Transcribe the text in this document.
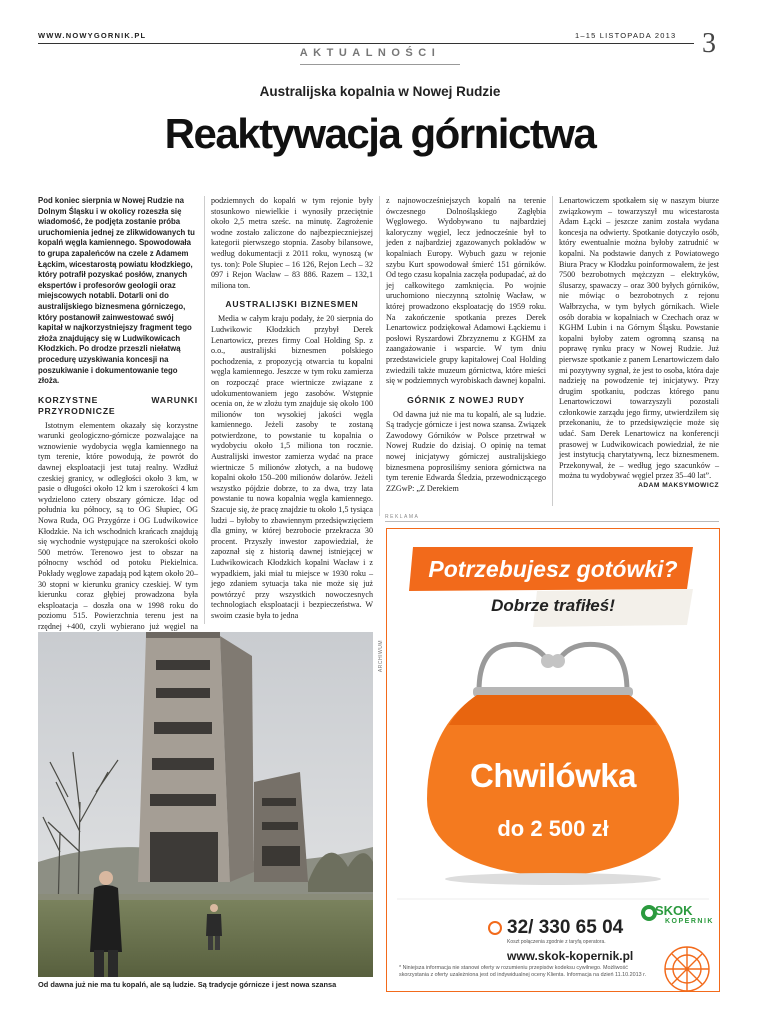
WWW.NOWYGORNIK.PL	1–15 LISTOPADA 2013 3
AKTUALNOŚCI
Australijska kopalnia w Nowej Rudzie
Reaktywacja górnictwa
Pod koniec sierpnia w Nowej Rudzie na Dolnym Śląsku i w okolicy rozeszła się wiadomość, że podjęta zostanie próba uruchomienia jednej ze zlikwidowanych tu kopalń węgla kamiennego. Spowodowała to grupa zapaleńców na czele z Adamem Łąckim, wicestarostą powiatu kłodzkiego, który potrafił pozyskać posłów, znanych ekspertów i profesorów geologii oraz miejscowych notabli. Dotarli oni do australijskiego biznesmena górniczego, który postanowił zainwestować swój kapitał w najkorzystniejszy fragment tego złoża znajdujący się w Ludwikowicach Kłodzkich. Po drodze przeszli niełatwą procedurę uzyskiwania koncesji na poszukiwanie i dokumentowanie tego złoża.
KORZYSTNE WARUNKI PRZYRODNICZE

Istotnym elementem okazały się korzystne warunki geologiczno-górnicze pozwalające na wznowienie wydobycia węgla kamiennego na tym terenie, które powodują, że powrót do dawnej eksploatacji jest tutaj realny. Wzdłuż czeskiej granicy, w odległości około 3 km, w pasie o długości około 12 km i szerokości 4 km wydzielono cztery obszary górnicze. Idąc od południa ku północy, są to OG Słupiec, OG Nowa Ruda, OG Przygórze i OG Ludwikowice Kłodzkie. Na ich wschodnich krańcach znajdują się wychodnie występujące na szerokości około 500 metrów. Terenowo jest to obszar na północny wschód od potoku Piekielnica. Pokłady węglowe zapadają pod kątem około 20–30 stopni w kierunku granicy czeskiej. W tym kierunku coraz głębiej prowadzona była eksploatacja – doszła ona w 1998 roku do poziomu 515. Powierzchnia terenu jest na rzędnej +400, czyli wybierano już węgiel na

podziemnych do kopalń w tym rejonie były stosunkowo niewielkie i wynosiły przeciętnie około 2,5 metra sześc. na minutę. Zagrożenie wodne zostało zaliczone do najbezpieczniejszej kategorii pierwszego stopnia. Zasoby bilansowe, według dokumentacji z 2011 roku, wynoszą (w tys. ton): Pole Słupiec – 16 126, Rejon Lech – 32 097 i Rejon Wacław – 83 886. Razem – 132,1 miliona ton.

AUSTRALIJSKI BIZNESMEN

Media w całym kraju podały, że 20 sierpnia do Ludwikowic Kłodzkich przybył Derek Lenartowicz, prezes firmy Coal Holding Sp. z o.o., australijski biznesmen polskiego pochodzenia, z propozycją otwarcia tu kopalni węgla kamiennego. Jeszcze w tym roku zamierza on rozpocząć prace wiertnicze związane z udokumentowaniem jego zasobów. Wstępnie ocenia on, że w złożu tym znajduje się około 100 milionów ton wysokiej jakości węgla kamiennego. Jeżeli zasoby te zostaną potwierdzone, to powstanie tu kopalnia o wydobyciu około 1,5 miliona ton rocznie. Australijski inwestor zamierza wydać na prace wiertnicze 5 milionów złotych, a na budowę kopalni około 150–200 milionów dolarów. Jeżeli wszystko pójdzie dobrze, to za dwa, trzy lata powstanie tu nowa kopalnia węgla kamiennego. Szacuje się, że pracę znajdzie tu około 1,5 tysiąca ludzi – byłoby to zbawiennym przedsięwzięciem dla gminy, w której bezrobocie przekracza 30 procent. Przyszły inwestor zapowiedział, że zapoznał się z historią dawnej istniejącej w Ludwikowicach Kłodzkich kopalni Wacław i z wypadkiem, jaki miał tu miejsce w 1930 roku – jego zdaniem sytuacja taka nie może się już powtórzyć przy wszystkich nowoczesnych technologiach eksploatacji i bezpieczeństwa. W swoim czasie była to jedna

z najnowocześniejszych kopalń na terenie ówczesnego Dolnośląskiego Zagłębia Węglowego. Wydobywano tu najbardziej kaloryczny węgiel, lecz jednocześnie był to jeden z najbardziej zgazowanych pokładów w kopalniach Europy. Wybuch gazu w rejonie szybu Kurt spowodował śmierć 151 górników. Od tego czasu kopalnia zaczęła podupadać, aż do jej całkowitego zamknięcia. Po wojnie uruchomiono nieczynną sztolnię Wacław, w której prowadzono eksploatację do 1959 roku. Na zakończenie spotkania prezes Derek Lenartowicz podziękował Adamowi Łąckiemu i posłowi Ryszardowi Zbrzyznemu z KGHM za zaangażowanie i wsparcie. W tym dniu przedstawiciele grupy kapitałowej Coal Holding zwiedzili także muzeum górnictwa, które mieści się w podziemnych wyrobiskach dawnej kopalni.

GÓRNIK Z NOWEJ RUDY

Od dawna już nie ma tu kopalń, ale są ludzie. Są tradycje górnicze i jest nowa szansa. Związek Zawodowy Górników w Polsce przetrwał w Nowej Rudzie do dzisiaj. O opinię na temat nowej inicjatywy górniczej australijskiego biznesmena poprosiliśmy seniora górnictwa na tym terenie Edwarda Śledzia, przewodniczącego ZZGwP: „Z Derekiem

Lenartowiczem spotkałem się w naszym biurze związkowym – towarzyszył mu wicestarosta Adam Łącki – jeszcze zanim została wydana koncesja na odwierty. Spotkanie dotyczyło osób, który ewentualnie można byłoby zatrudnić w kopalni. Na podstawie danych z Powiatowego Biura Pracy w Kłodzku poinformowałem, że jest 7500 bezrobotnych mężczyzn – elektryków, ślusarzy, spawaczy – oraz 300 byłych górników, nie mówiąc o bezrobotnych z rejonu Wałbrzycha, w tym byłych górnikach. Wiele osób dorabia w kopalniach w Czechach oraz w KGHM Lubin i na Górnym Śląsku. Powstanie kopalni byłoby zatem ogromną szansą na poprawę rynku pracy w Nowej Rudzie. Już pierwsze spotkanie z panem Lenartowiczem dało mi pozytywny sygnał, że jest to osoba, która daje nadzieję na powodzenie tej inicjatywy. Przy drugim spotkaniu, podczas którego panu Lenartowiczowi towarzyszyli pozostali członkowie zarządu jego firmy, utwierdziłem się przekonaniu, że to przedsięwzięcie może się udać. Sam Derek Lenartowicz na konferencji prasowej w Ludwikowicach powiedział, że nie jest instytucją charytatywną, lecz biznesmenem. Przekonywał, że – według jego szacunków – można tu wydobywać węgiel przez 35–40 lat”.

ADAM MAKSYMOWICZ
ARCHIWUM
Od dawna już nie ma tu kopalń, ale są ludzie. Są tradycje górnicze i jest nowa szansa
REKLAMA
Potrzebujesz gotówki?
Dobrze trafiłeś!
Chwilówka
do 2 500 zł
SKOK
KOPERNIK
32/ 330 65 04
Koszt połączenia zgodnie z taryfą operatora.
www.skok-kopernik.pl
* Niniejsza informacja nie stanowi oferty w rozumieniu przepisów kodeksu cywilnego. Możliwość skorzystania z oferty uzależniona jest od indywidualnej oceny Klienta. Informacja na dzień 11.10.2013 r.
